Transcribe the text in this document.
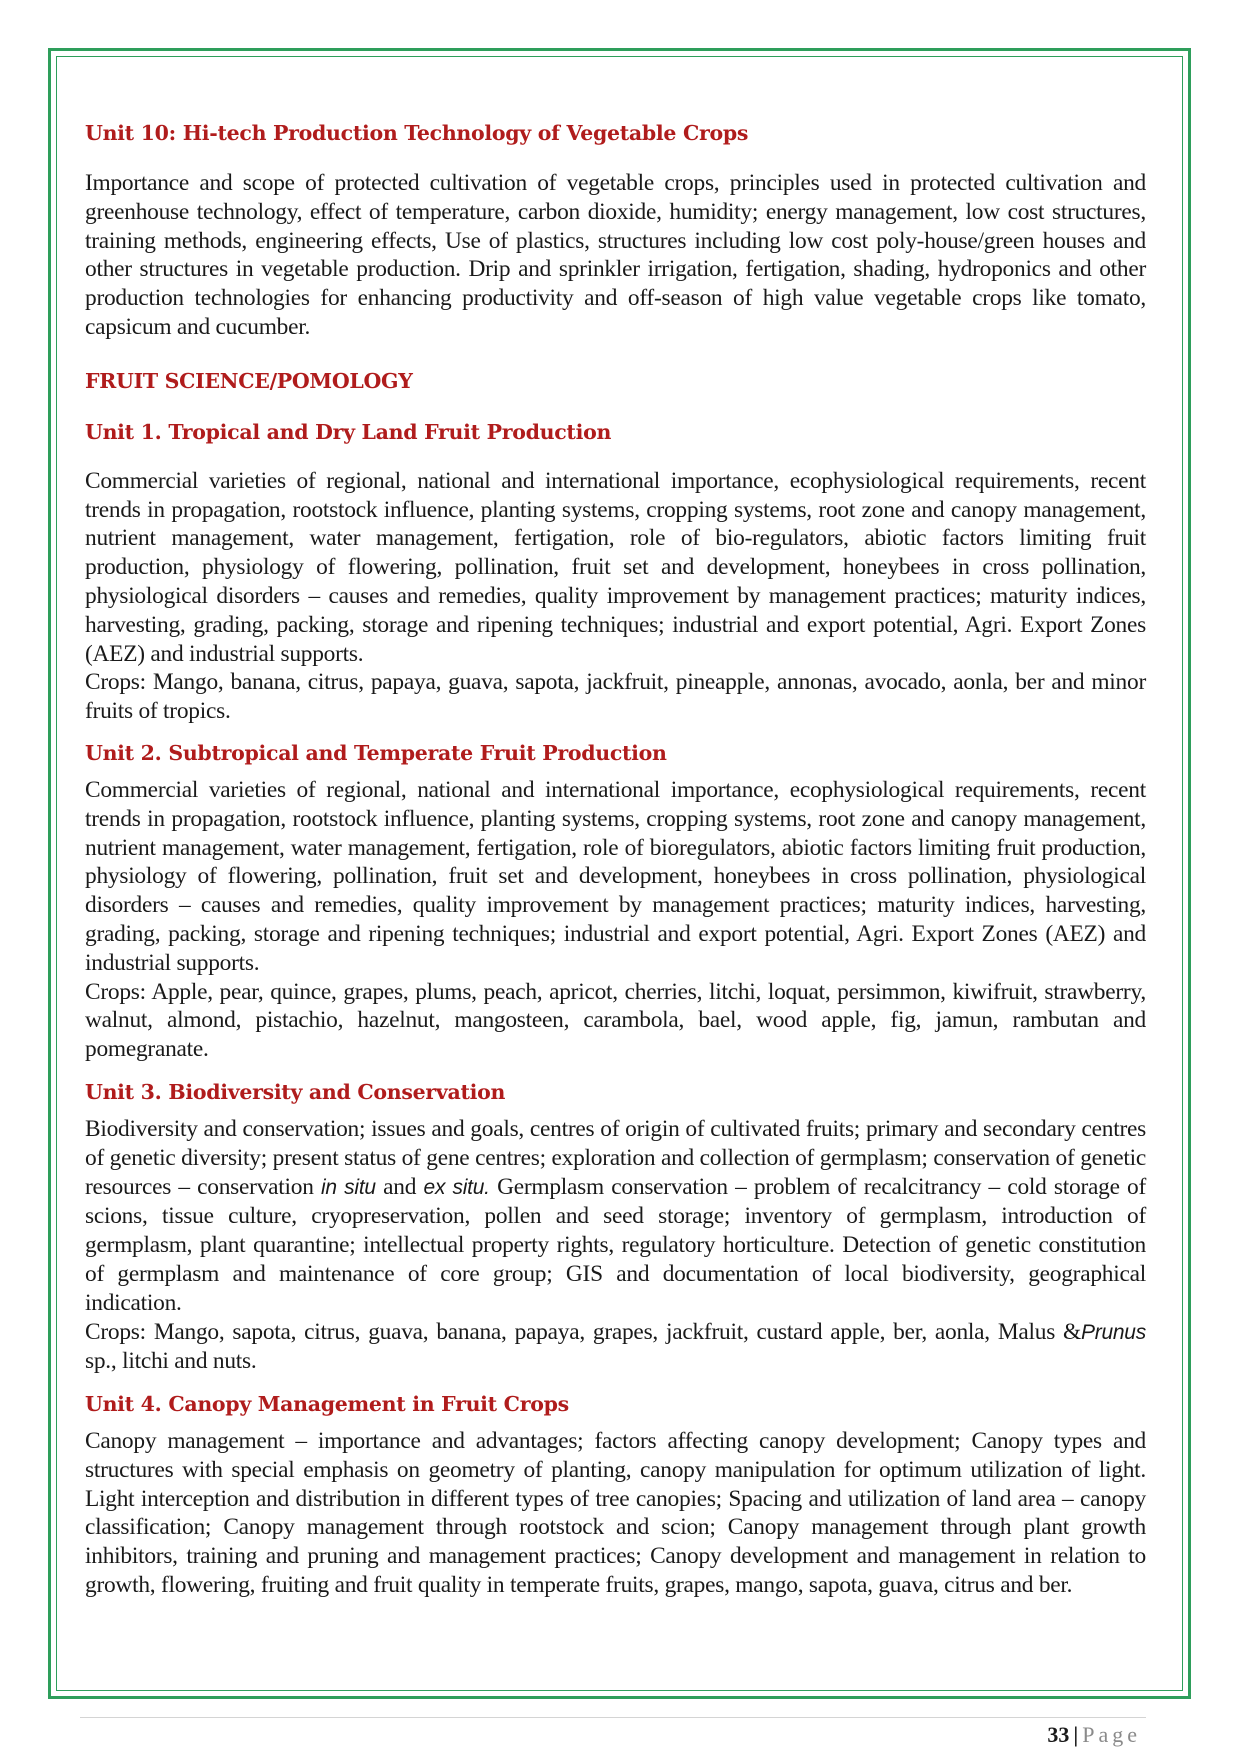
Unit 10: Hi-tech Production Technology of Vegetable Crops

Importance and scope of protected cultivation of vegetable crops, principles used in protected cultivation and greenhouse technology, effect of temperature, carbon dioxide, humidity; energy management, low cost structures, training methods, engineering effects, Use of plastics, structures including low cost poly-house/green houses and other structures in vegetable production. Drip and sprinkler irrigation, fertigation, shading, hydroponics and other production technologies for enhancing productivity and off-season of high value vegetable crops like tomato, capsicum and cucumber.

FRUIT SCIENCE/POMOLOGY
Unit 1. Tropical and Dry Land Fruit Production

Commercial varieties of regional, national and international importance, ecophysiological requirements, recent trends in propagation, rootstock influence, planting systems, cropping systems, root zone and canopy management, nutrient management, water management, fertigation, role of bio-regulators, abiotic factors limiting fruit production, physiology of flowering, pollination, fruit set and development, honeybees in cross pollination, physiological disorders – causes and remedies, quality improvement by management practices; maturity indices, harvesting, grading, packing, storage and ripening techniques; industrial and export potential, Agri. Export Zones (AEZ) and industrial supports.

Crops: Mango, banana, citrus, papaya, guava, sapota, jackfruit, pineapple, annonas, avocado, aonla, ber and minor fruits of tropics.

Unit 2. Subtropical and Temperate Fruit Production

Commercial varieties of regional, national and international importance, ecophysiological requirements, recent trends in propagation, rootstock influence, planting systems, cropping systems, root zone and canopy management, nutrient management, water management, fertigation, role of bioregulators, abiotic factors limiting fruit production, physiology of flowering, pollination, fruit set and development, honeybees in cross pollination, physiological disorders – causes and remedies, quality improvement by management practices; maturity indices, harvesting, grading, packing, storage and ripening techniques; industrial and export potential, Agri. Export Zones (AEZ) and industrial supports.

Crops: Apple, pear, quince, grapes, plums, peach, apricot, cherries, litchi, loquat, persimmon, kiwifruit, strawberry, walnut, almond, pistachio, hazelnut, mangosteen, carambola, bael, wood apple, fig, jamun, rambutan and pomegranate.

Unit 3. Biodiversity and Conservation

Biodiversity and conservation; issues and goals, centres of origin of cultivated fruits; primary and secondary centres of genetic diversity; present status of gene centres; exploration and collection of germplasm; conservation of genetic resources – conservation in situ and ex situ. Germplasm conservation – problem of recalcitrancy – cold storage of scions, tissue culture, cryopreservation, pollen and seed storage; inventory of germplasm, introduction of germplasm, plant quarantine; intellectual property rights, regulatory horticulture. Detection of genetic constitution of germplasm and maintenance of core group; GIS and documentation of local biodiversity, geographical indication.

Crops: Mango, sapota, citrus, guava, banana, papaya, grapes, jackfruit, custard apple, ber, aonla, Malus &Prunus sp., litchi and nuts.

Unit 4. Canopy Management in Fruit Crops

Canopy management – importance and advantages; factors affecting canopy development; Canopy types and structures with special emphasis on geometry of planting, canopy manipulation for optimum utilization of light. Light interception and distribution in different types of tree canopies; Spacing and utilization of land area – canopy classification; Canopy management through rootstock and scion; Canopy management through plant growth inhibitors, training and pruning and management practices; Canopy development and management in relation to growth, flowering, fruiting and fruit quality in temperate fruits, grapes, mango, sapota, guava, citrus and ber.

33 | Page
